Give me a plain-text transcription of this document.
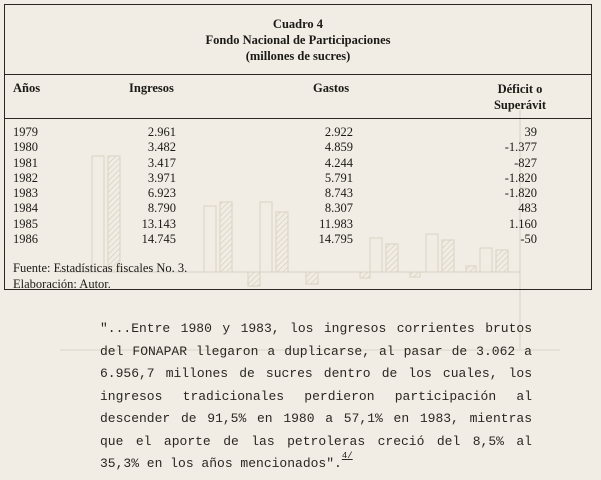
Cuadro 4
Fondo Nacional de Participaciones
(millones de sucres)
Años	Ingresos	Gastos	Déficit o
Superávit
1979	2.961	2.922	39
1980	3.482	4.859	-1.377
1981	3.417	4.244	-827
1982	3.971	5.791	-1.820
1983	6.923	8.743	-1.820
1984	8.790	8.307	483
1985	13.143	11.983	1.160
1986	14.745	14.795	-50
Fuente: Estadísticas fiscales No. 3.
Elaboración: Autor.
"...Entre 1980 y 1983, los ingresos corrientes brutos del FONAPAR llegaron a duplicarse, al pasar de 3.062 a 6.956,7 millones de sucres dentro de los cuales, los ingresos tradicionales perdieron participación al descender de 91,5% en 1980 a 57,1% en 1983, mientras que el aporte de las petroleras creció del 8,5% al 35,3% en los años mencionados".$^{4/}$
